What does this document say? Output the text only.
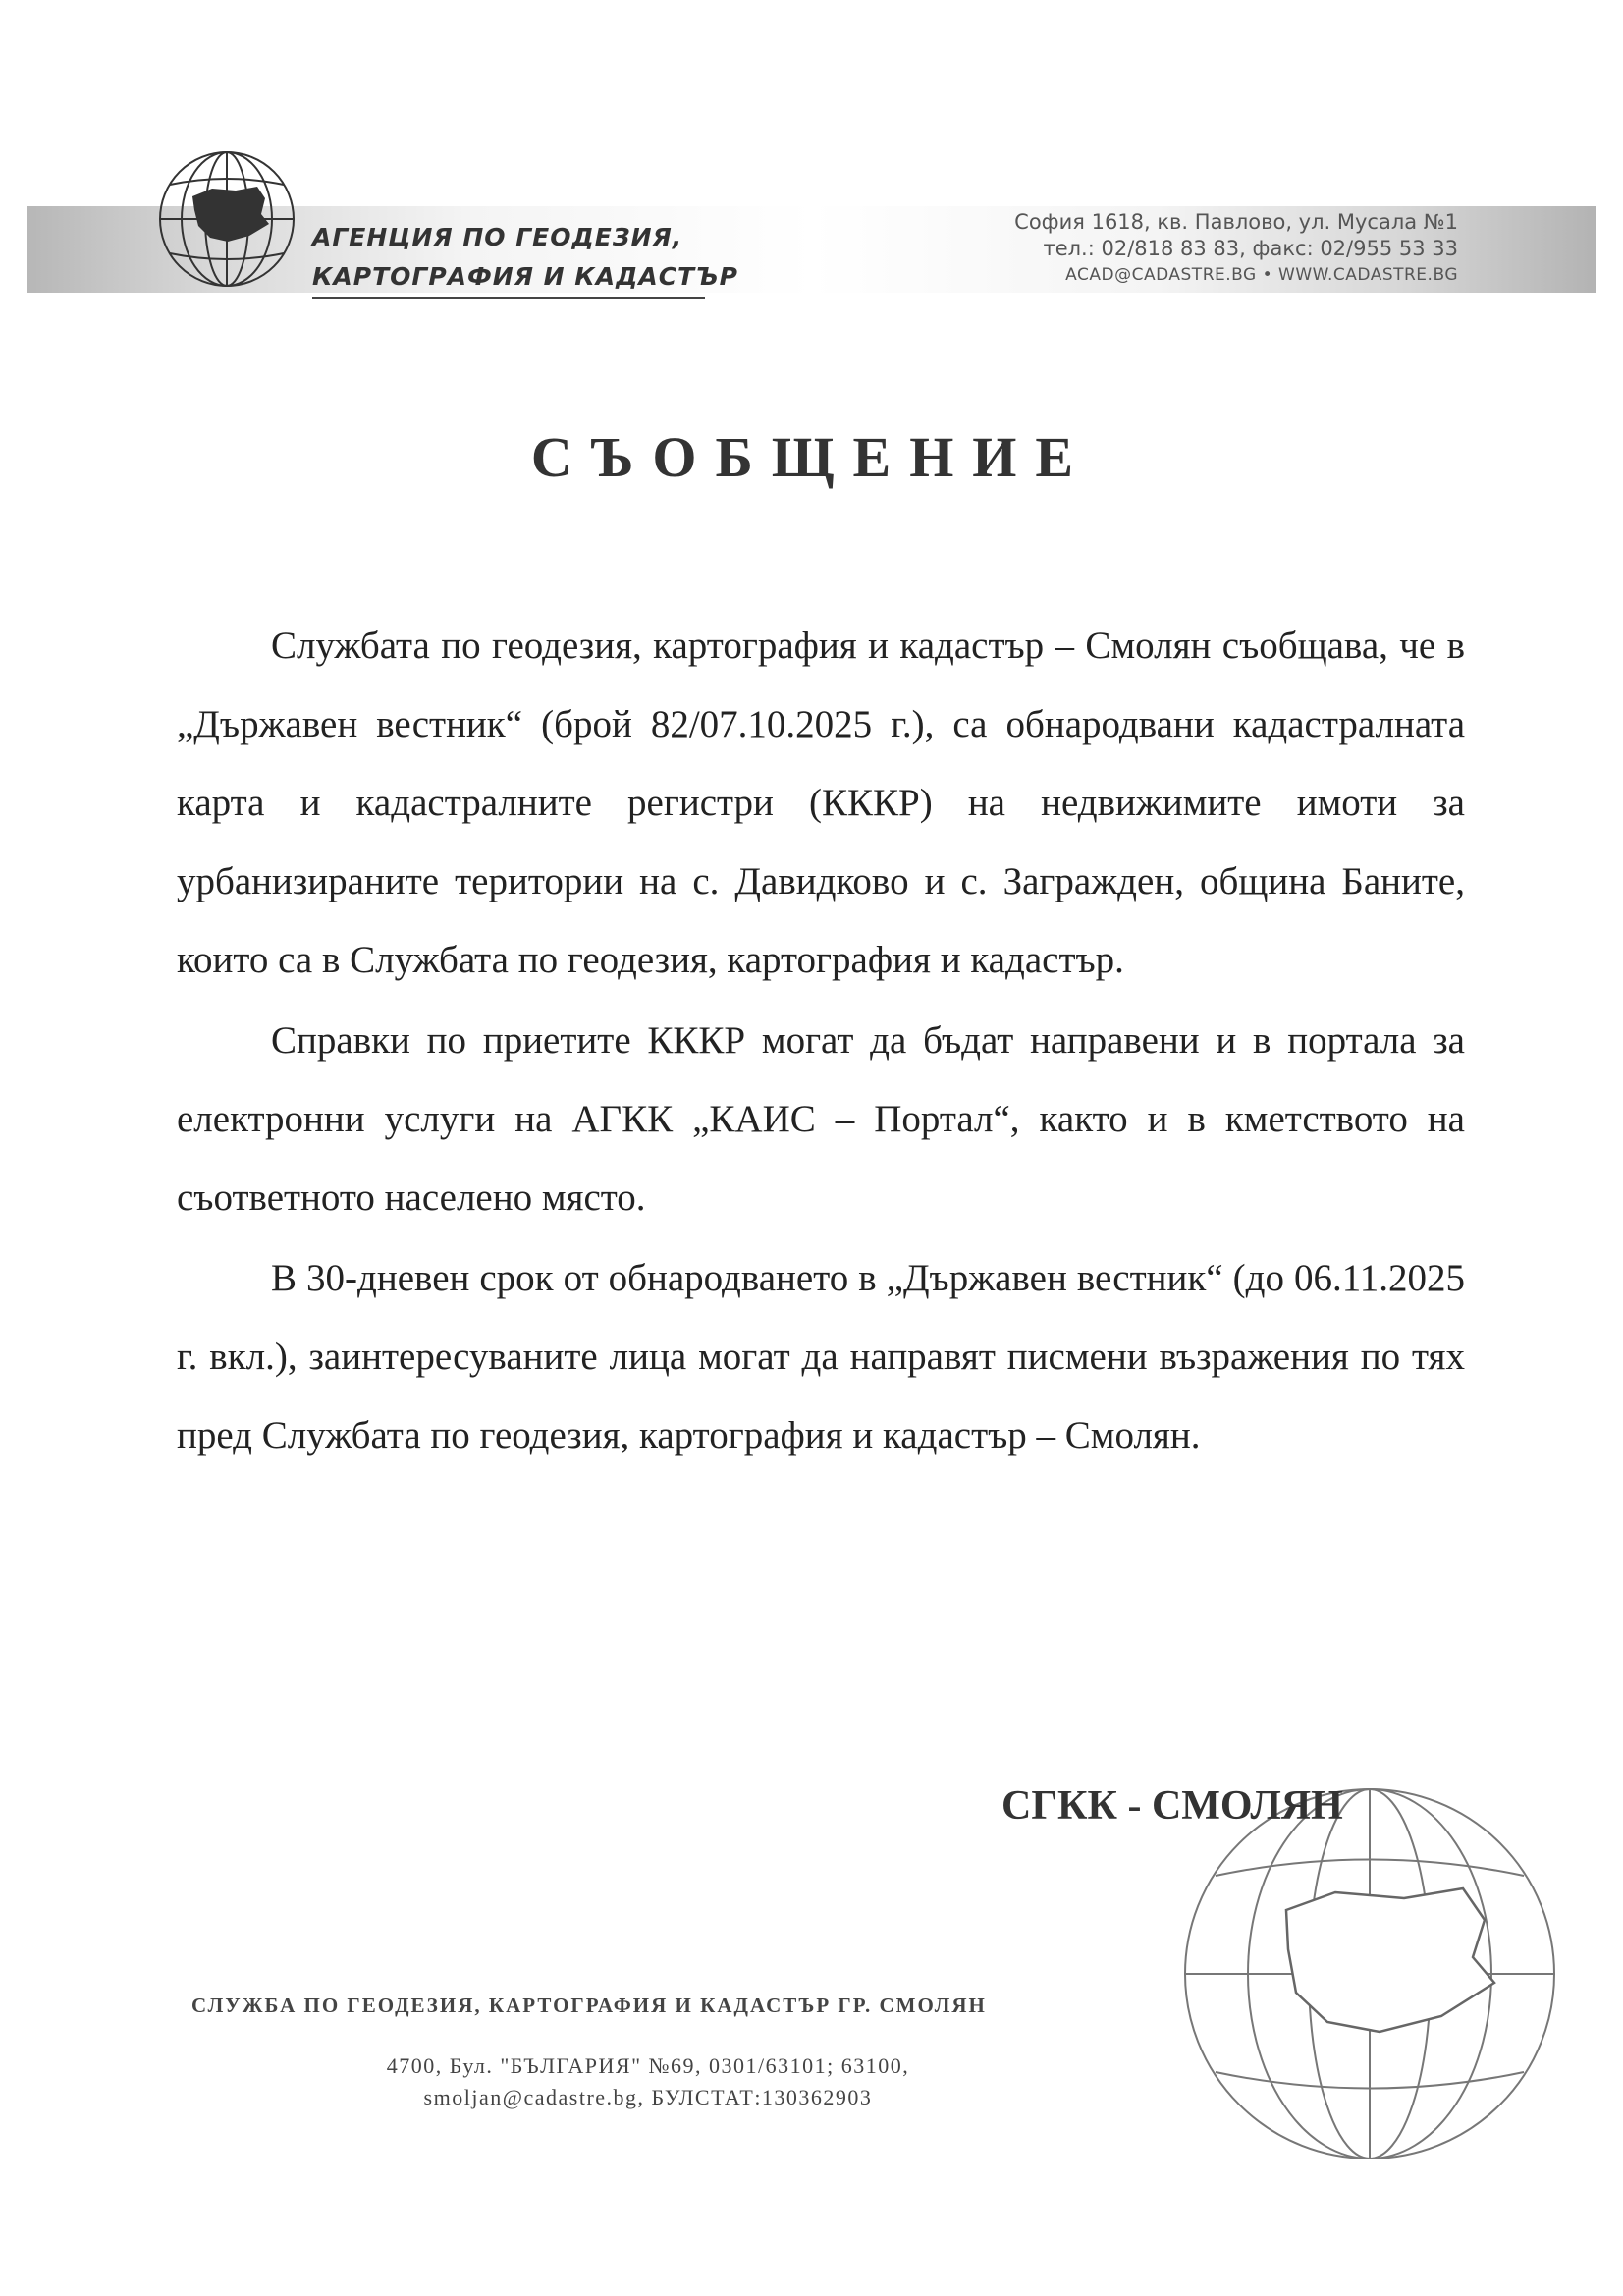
АГЕНЦИЯ ПО ГЕОДЕЗИЯ,
КАРТОГРАФИЯ И КАДАСТЪР
София 1618, кв. Павлово, ул. Мусала №1
тел.: 02/818 83 83, факс: 02/955 53 33
ACAD@CADASTRE.BG • WWW.CADASTRE.BG
СЪОБЩЕНИЕ

Службата по геодезия, картография и кадастър – Смолян съобщава, че в „Държавен вестник“ (брой 82/07.10.2025 г.), са обнародвани кадастралната карта и кадастралните регистри (КККР) на недвижимите имоти за урбанизираните територии на с. Давидково и с. Загражден, община Баните, които са в Службата по геодезия, картография и кадастър.

Справки по приетите КККР могат да бъдат направени и в портала за електронни услуги на АГКК „КАИС – Портал“, както и в кметството на съответното населено място.

В 30-дневен срок от обнародването в „Държавен вестник“ (до 06.11.2025 г. вкл.), заинтересуваните лица могат да направят писмени възражения по тях пред Службата по геодезия, картография и кадастър – Смолян.

СГКК - СМОЛЯН
СЛУЖБА ПО ГЕОДЕЗИЯ, КАРТОГРАФИЯ И КАДАСТЪР ГР. СМОЛЯН
4700, Бул. "БЪЛГАРИЯ" №69, 0301/63101; 63100,
smoljan@cadastre.bg, БУЛСТАТ:130362903
